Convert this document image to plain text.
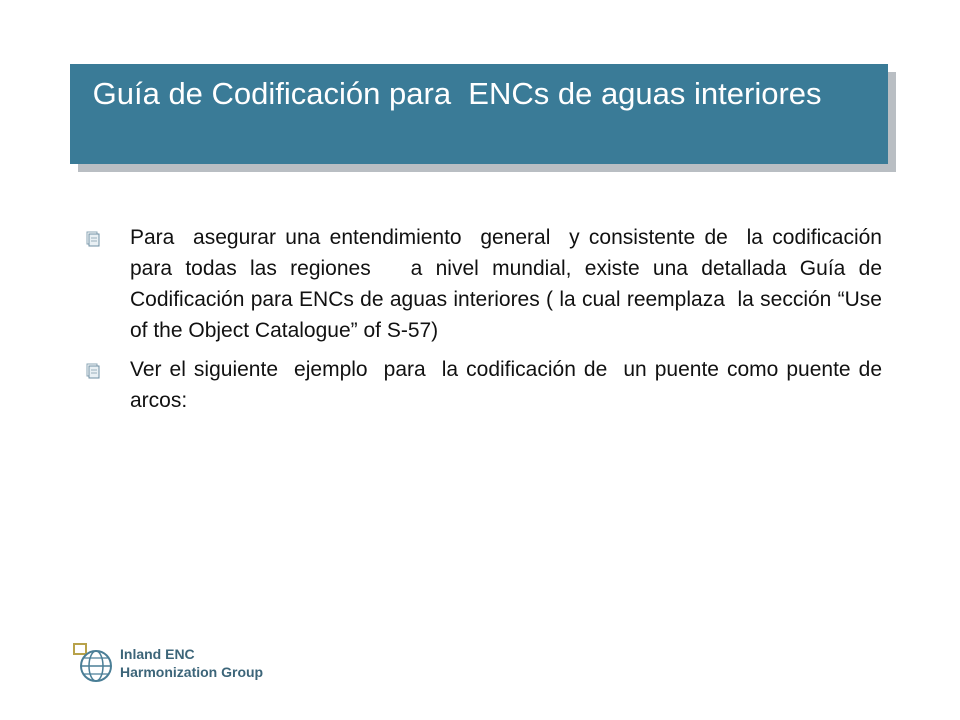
Guía de Codificación para  ENCs de aguas interiores
Para  asegurar una entendimiento  general  y consistente de  la codificación para todas las regiones   a nivel mundial, existe una detallada Guía de Codificación para ENCs de aguas interiores ( la cual reemplaza  la sección “Use of the Object Catalogue” of S-57)
Ver el siguiente  ejemplo  para  la codificación de  un puente como puente de arcos:
Inland ENC
Harmonization Group
